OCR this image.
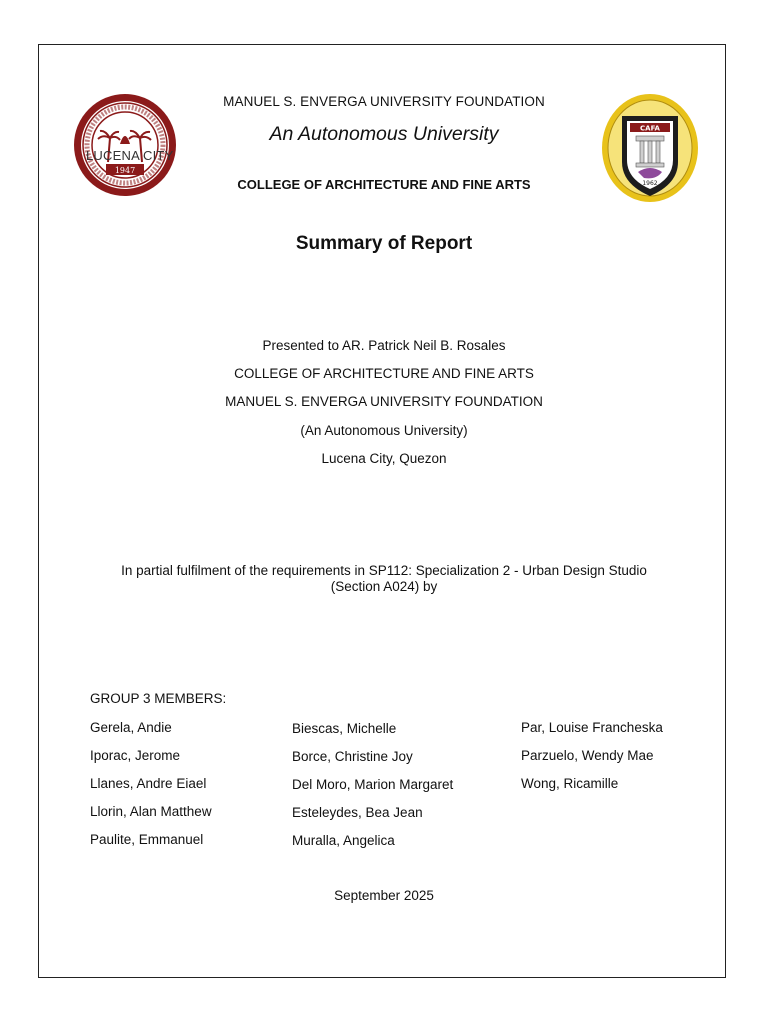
1947
LUCENA CITY
CAFA
1962
MANUEL S. ENVERGA UNIVERSITY FOUNDATION
An Autonomous University
COLLEGE OF ARCHITECTURE AND FINE ARTS
Summary of Report
Presented to AR. Patrick Neil B. Rosales
COLLEGE OF ARCHITECTURE AND FINE ARTS
MANUEL S. ENVERGA UNIVERSITY FOUNDATION
(An Autonomous University)
Lucena City, Quezon
In partial fulfilment of the requirements in SP112: Specialization 2 - Urban Design Studio
(Section A024) by
GROUP 3 MEMBERS:
Gerela, Andie
Iporac, Jerome
Llanes, Andre Eiael
Llorin, Alan Matthew
Paulite, Emmanuel
Biescas, Michelle
Borce, Christine Joy
Del Moro, Marion Margaret
Esteleydes, Bea Jean
Muralla, Angelica
Par, Louise Francheska
Parzuelo, Wendy Mae
Wong, Ricamille
September 2025
